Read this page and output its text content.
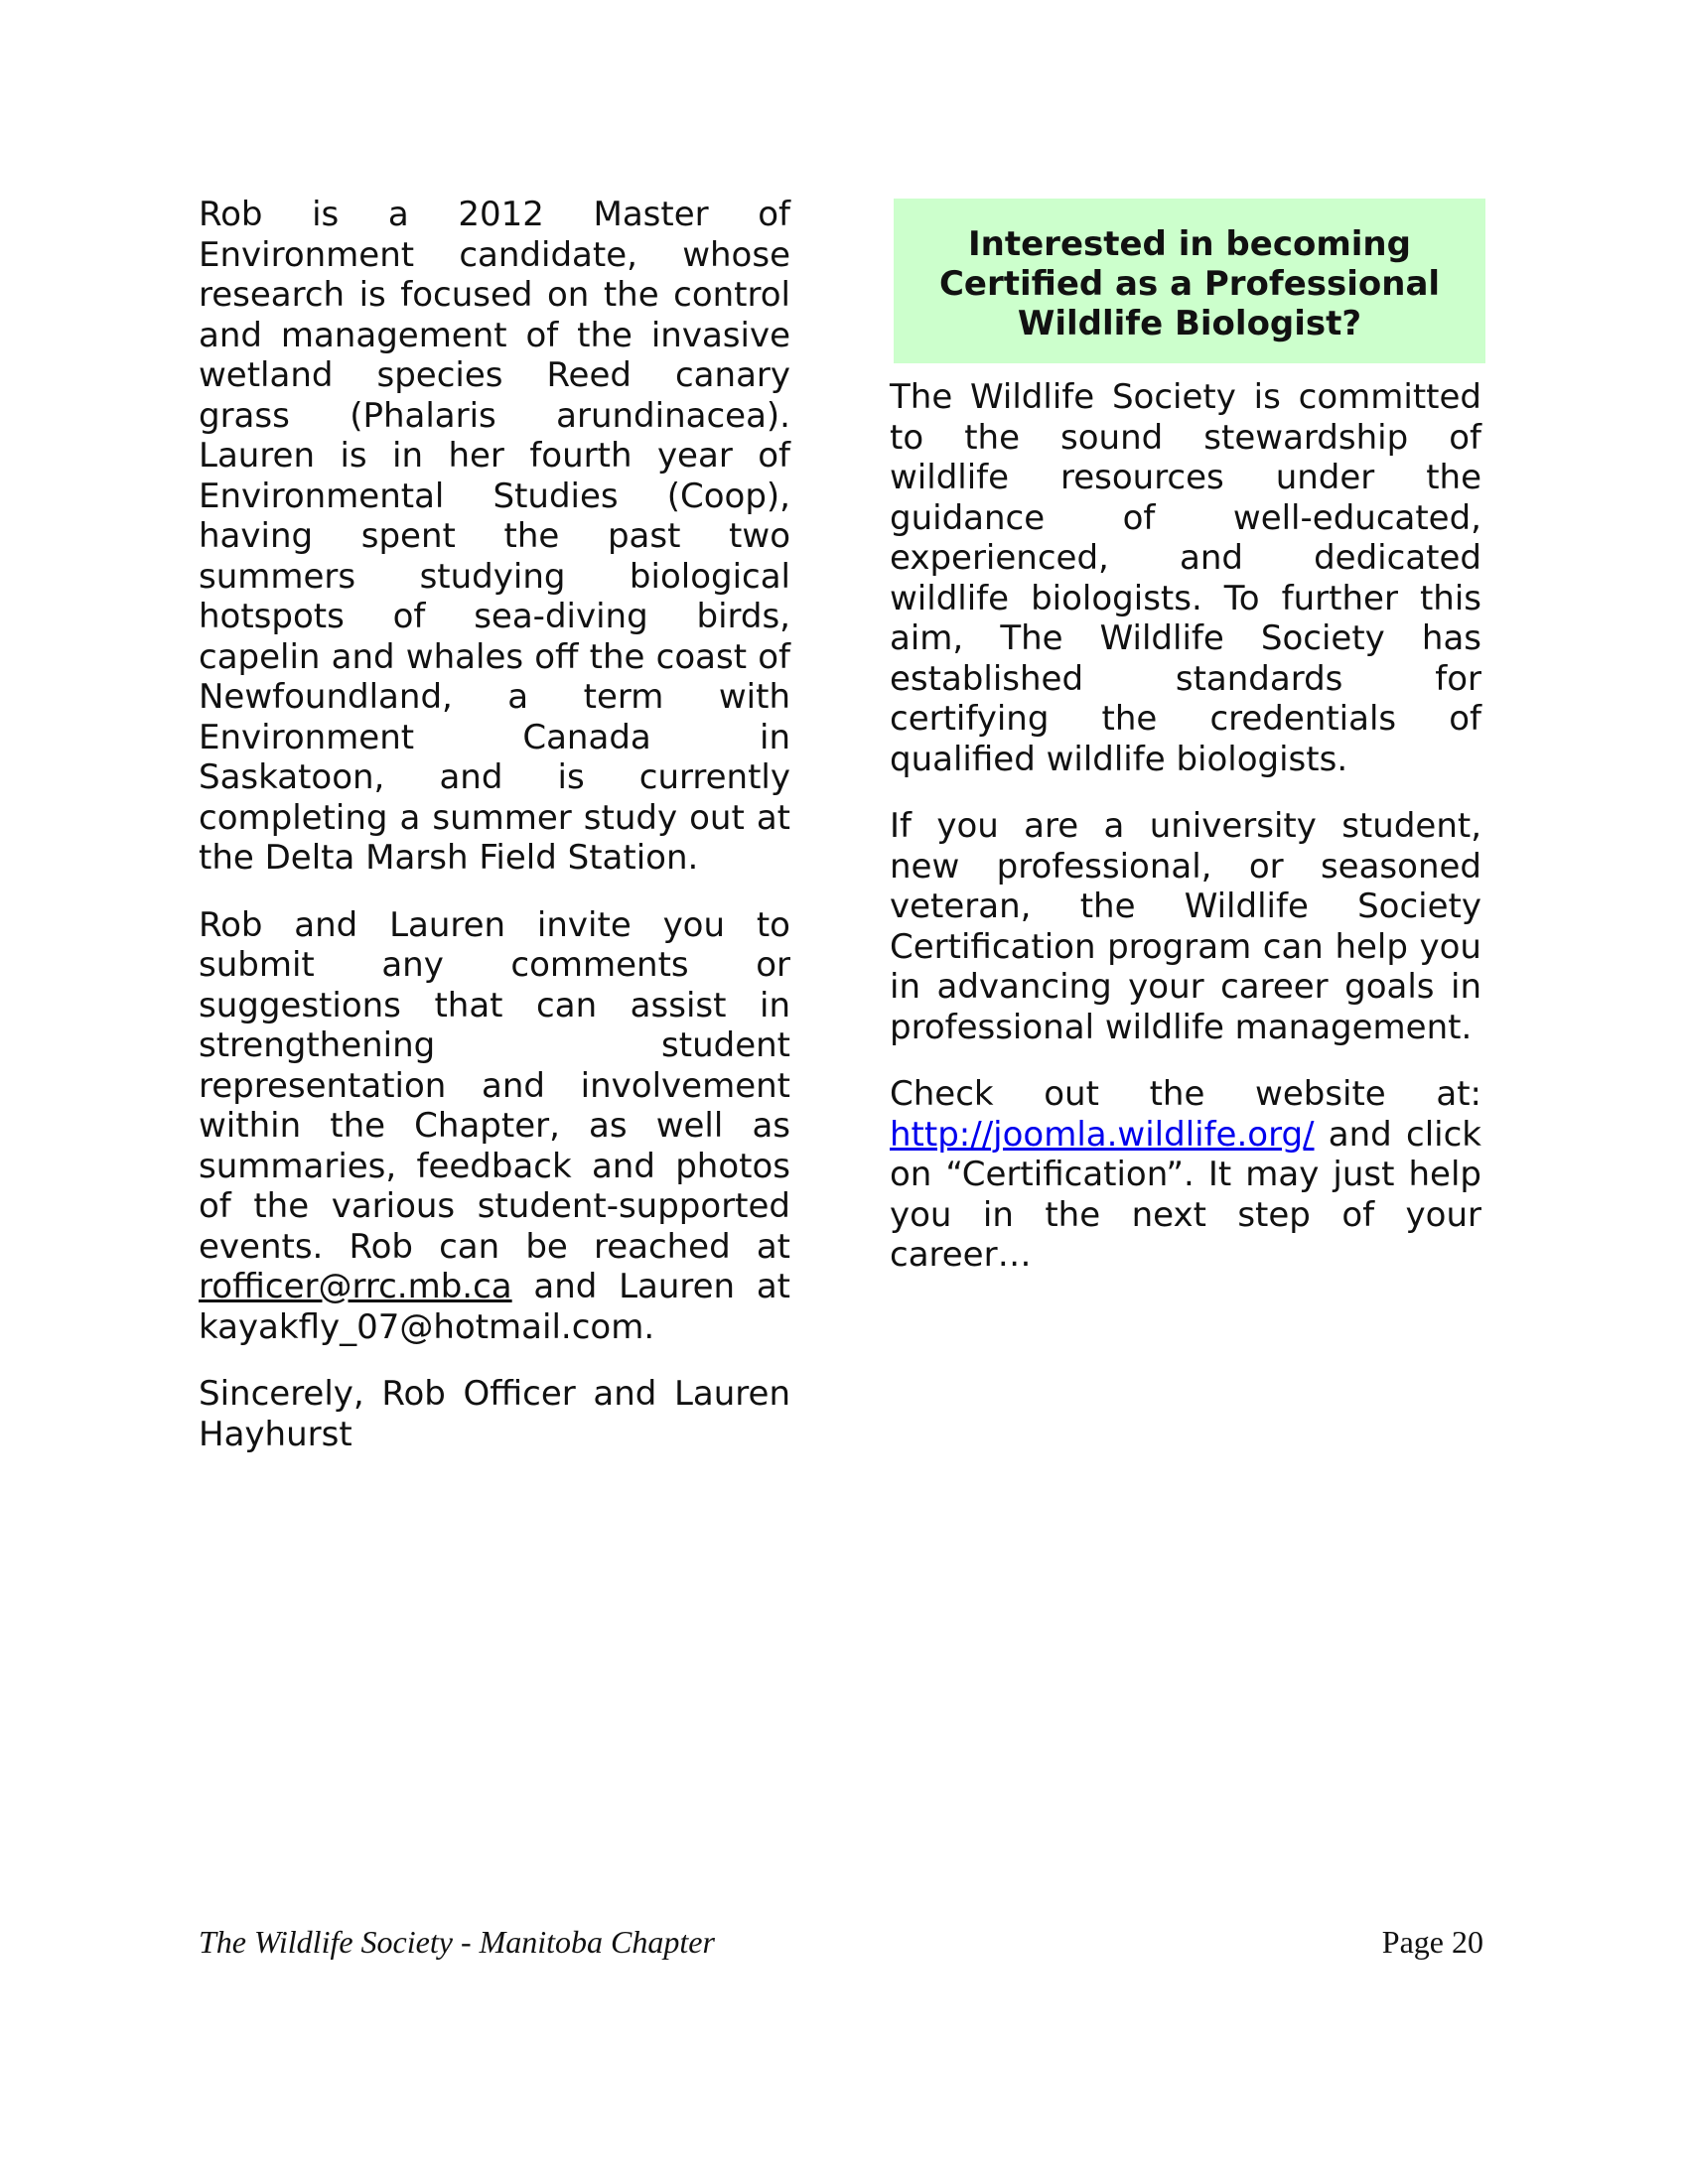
Rob is a 2012 Master of Environment candidate, whose research is focused on the control and management of the invasive wetland species Reed canary grass (Phalaris arundinacea). Lauren is in her fourth year of Environmental Studies (Coop), having spent the past two summers studying biological hotspots of sea-diving birds, capelin and whales off the coast of Newfoundland, a term with Environment Canada in Saskatoon, and is currently completing a summer study out at the Delta Marsh Field Station.

Rob and Lauren invite you to submit any comments or suggestions that can assist in strengthening student representation and involvement within the Chapter, as well as summaries, feedback and photos of the various student-supported events. Rob can be reached at rofficer@rrc.mb.ca and Lauren at kayakfly_07@hotmail.com.

Sincerely, Rob Officer and Lauren Hayhurst

Interested in becoming Certified as a Professional Wildlife Biologist?

The Wildlife Society is committed to the sound stewardship of wildlife resources under the guidance of well-educated, experienced, and dedicated wildlife biologists. To further this aim, The Wildlife Society has established standards for certifying the credentials of qualified wildlife biologists.

If you are a university student, new professional, or seasoned veteran, the Wildlife Society Certification program can help you in advancing your career goals in professional wildlife management.

Check out the website at: http://joomla.wildlife.org/ and click on “Certification”. It may just help you in the next step of your career…

The Wildlife Society - Manitoba Chapter	Page 20
